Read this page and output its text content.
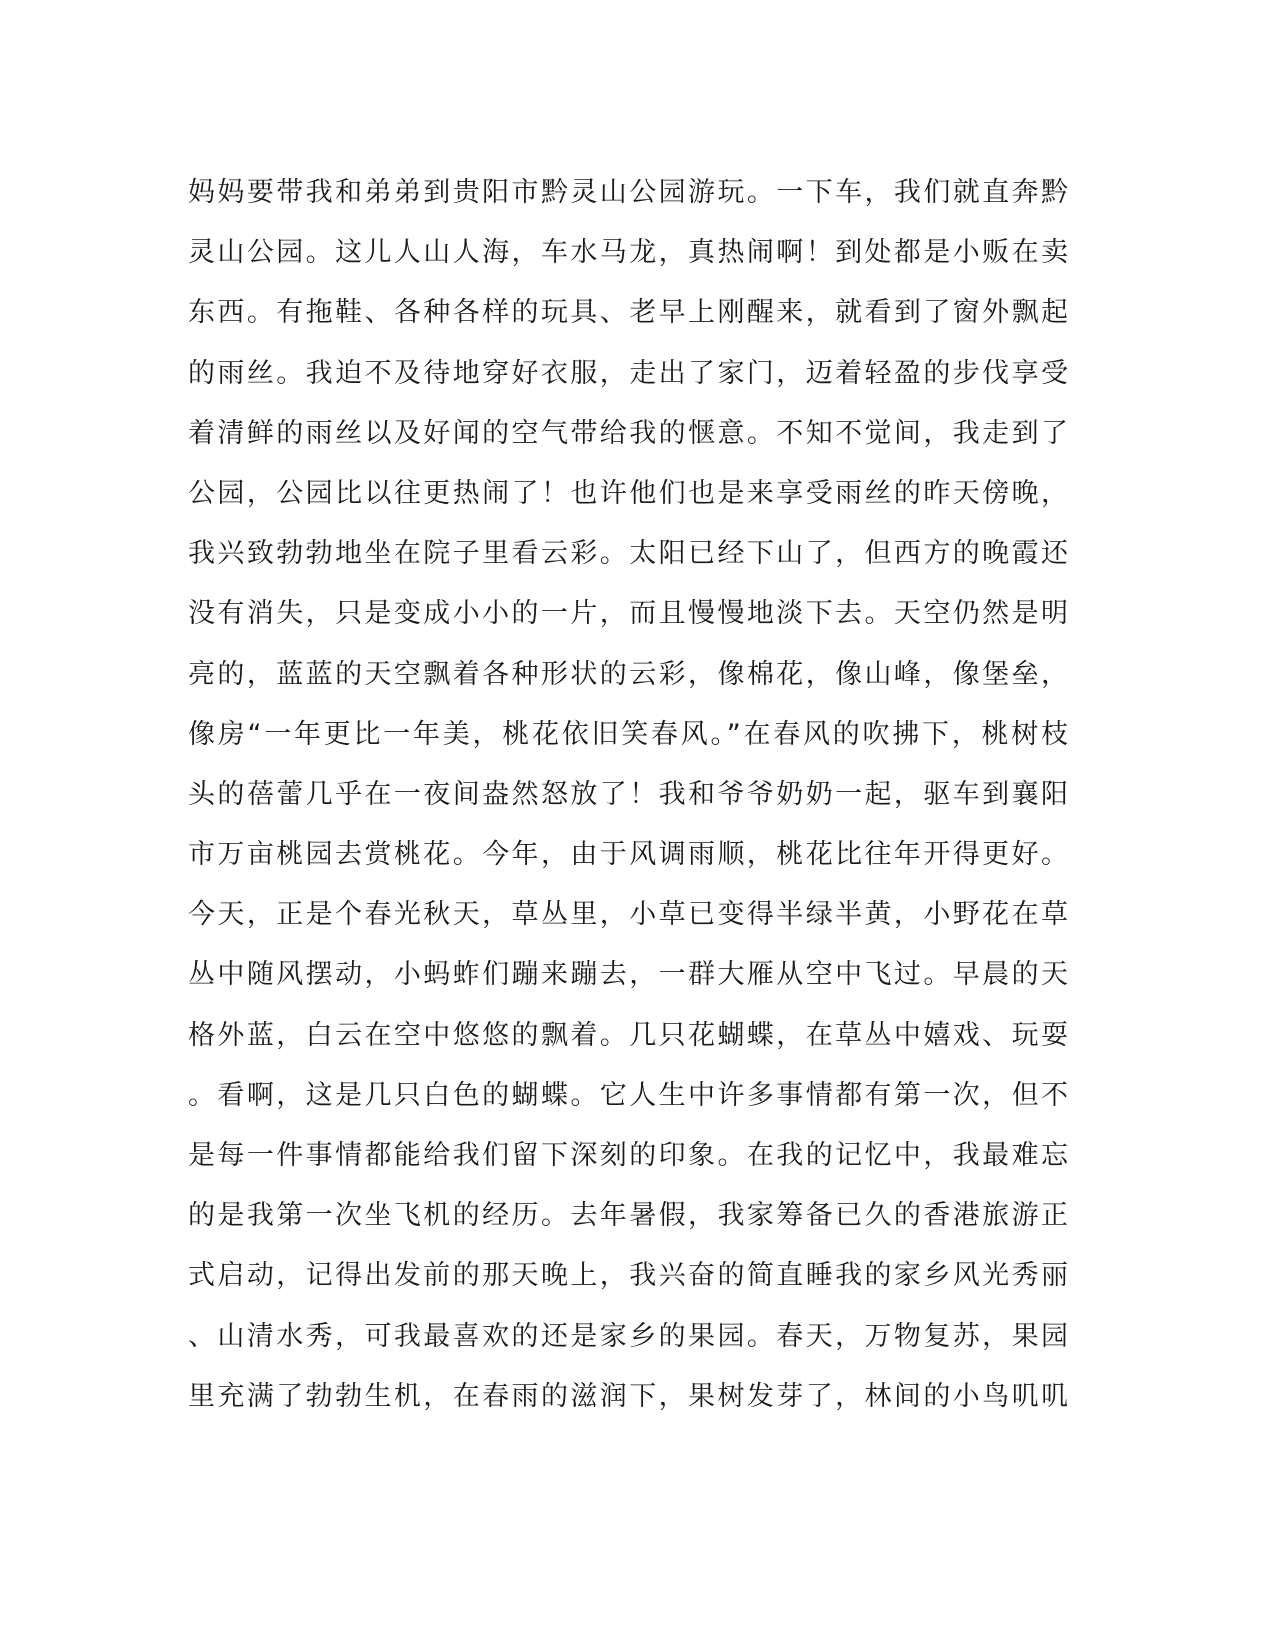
妈妈要带我和弟弟到贵阳市黔灵山公园游玩。一下车，我们就直奔黔
灵山公园。这儿人山人海，车水马龙，真热闹啊！到处都是小贩在卖
东西。有拖鞋、各种各样的玩具、老早上刚醒来，就看到了窗外飘起
的雨丝。我迫不及待地穿好衣服，走出了家门，迈着轻盈的步伐享受
着清鲜的雨丝以及好闻的空气带给我的惬意。不知不觉间，我走到了
公园，公园比以往更热闹了！也许他们也是来享受雨丝的昨天傍晚，
我兴致勃勃地坐在院子里看云彩。太阳已经下山了，但西方的晚霞还
没有消失，只是变成小小的一片，而且慢慢地淡下去。天空仍然是明
亮的，蓝蓝的天空飘着各种形状的云彩，像棉花，像山峰，像堡垒，
像房“一年更比一年美，桃花依旧笑春风。”在春风的吹拂下，桃树枝
头的蓓蕾几乎在一夜间盎然怒放了！我和爷爷奶奶一起，驱车到襄阳
市万亩桃园去赏桃花。今年，由于风调雨顺，桃花比往年开得更好。
今天，正是个春光秋天，草丛里，小草已变得半绿半黄，小野花在草
丛中随风摆动，小蚂蚱们蹦来蹦去，一群大雁从空中飞过。早晨的天
格外蓝，白云在空中悠悠的飘着。几只花蝴蝶，在草丛中嬉戏、玩耍
。看啊，这是几只白色的蝴蝶。它人生中许多事情都有第一次，但不
是每一件事情都能给我们留下深刻的印象。在我的记忆中，我最难忘
的是我第一次坐飞机的经历。去年暑假，我家筹备已久的香港旅游正
式启动，记得出发前的那天晚上，我兴奋的简直睡我的家乡风光秀丽
、山清水秀，可我最喜欢的还是家乡的果园。春天，万物复苏，果园
里充满了勃勃生机，在春雨的滋润下，果树发芽了，林间的小鸟叽叽
